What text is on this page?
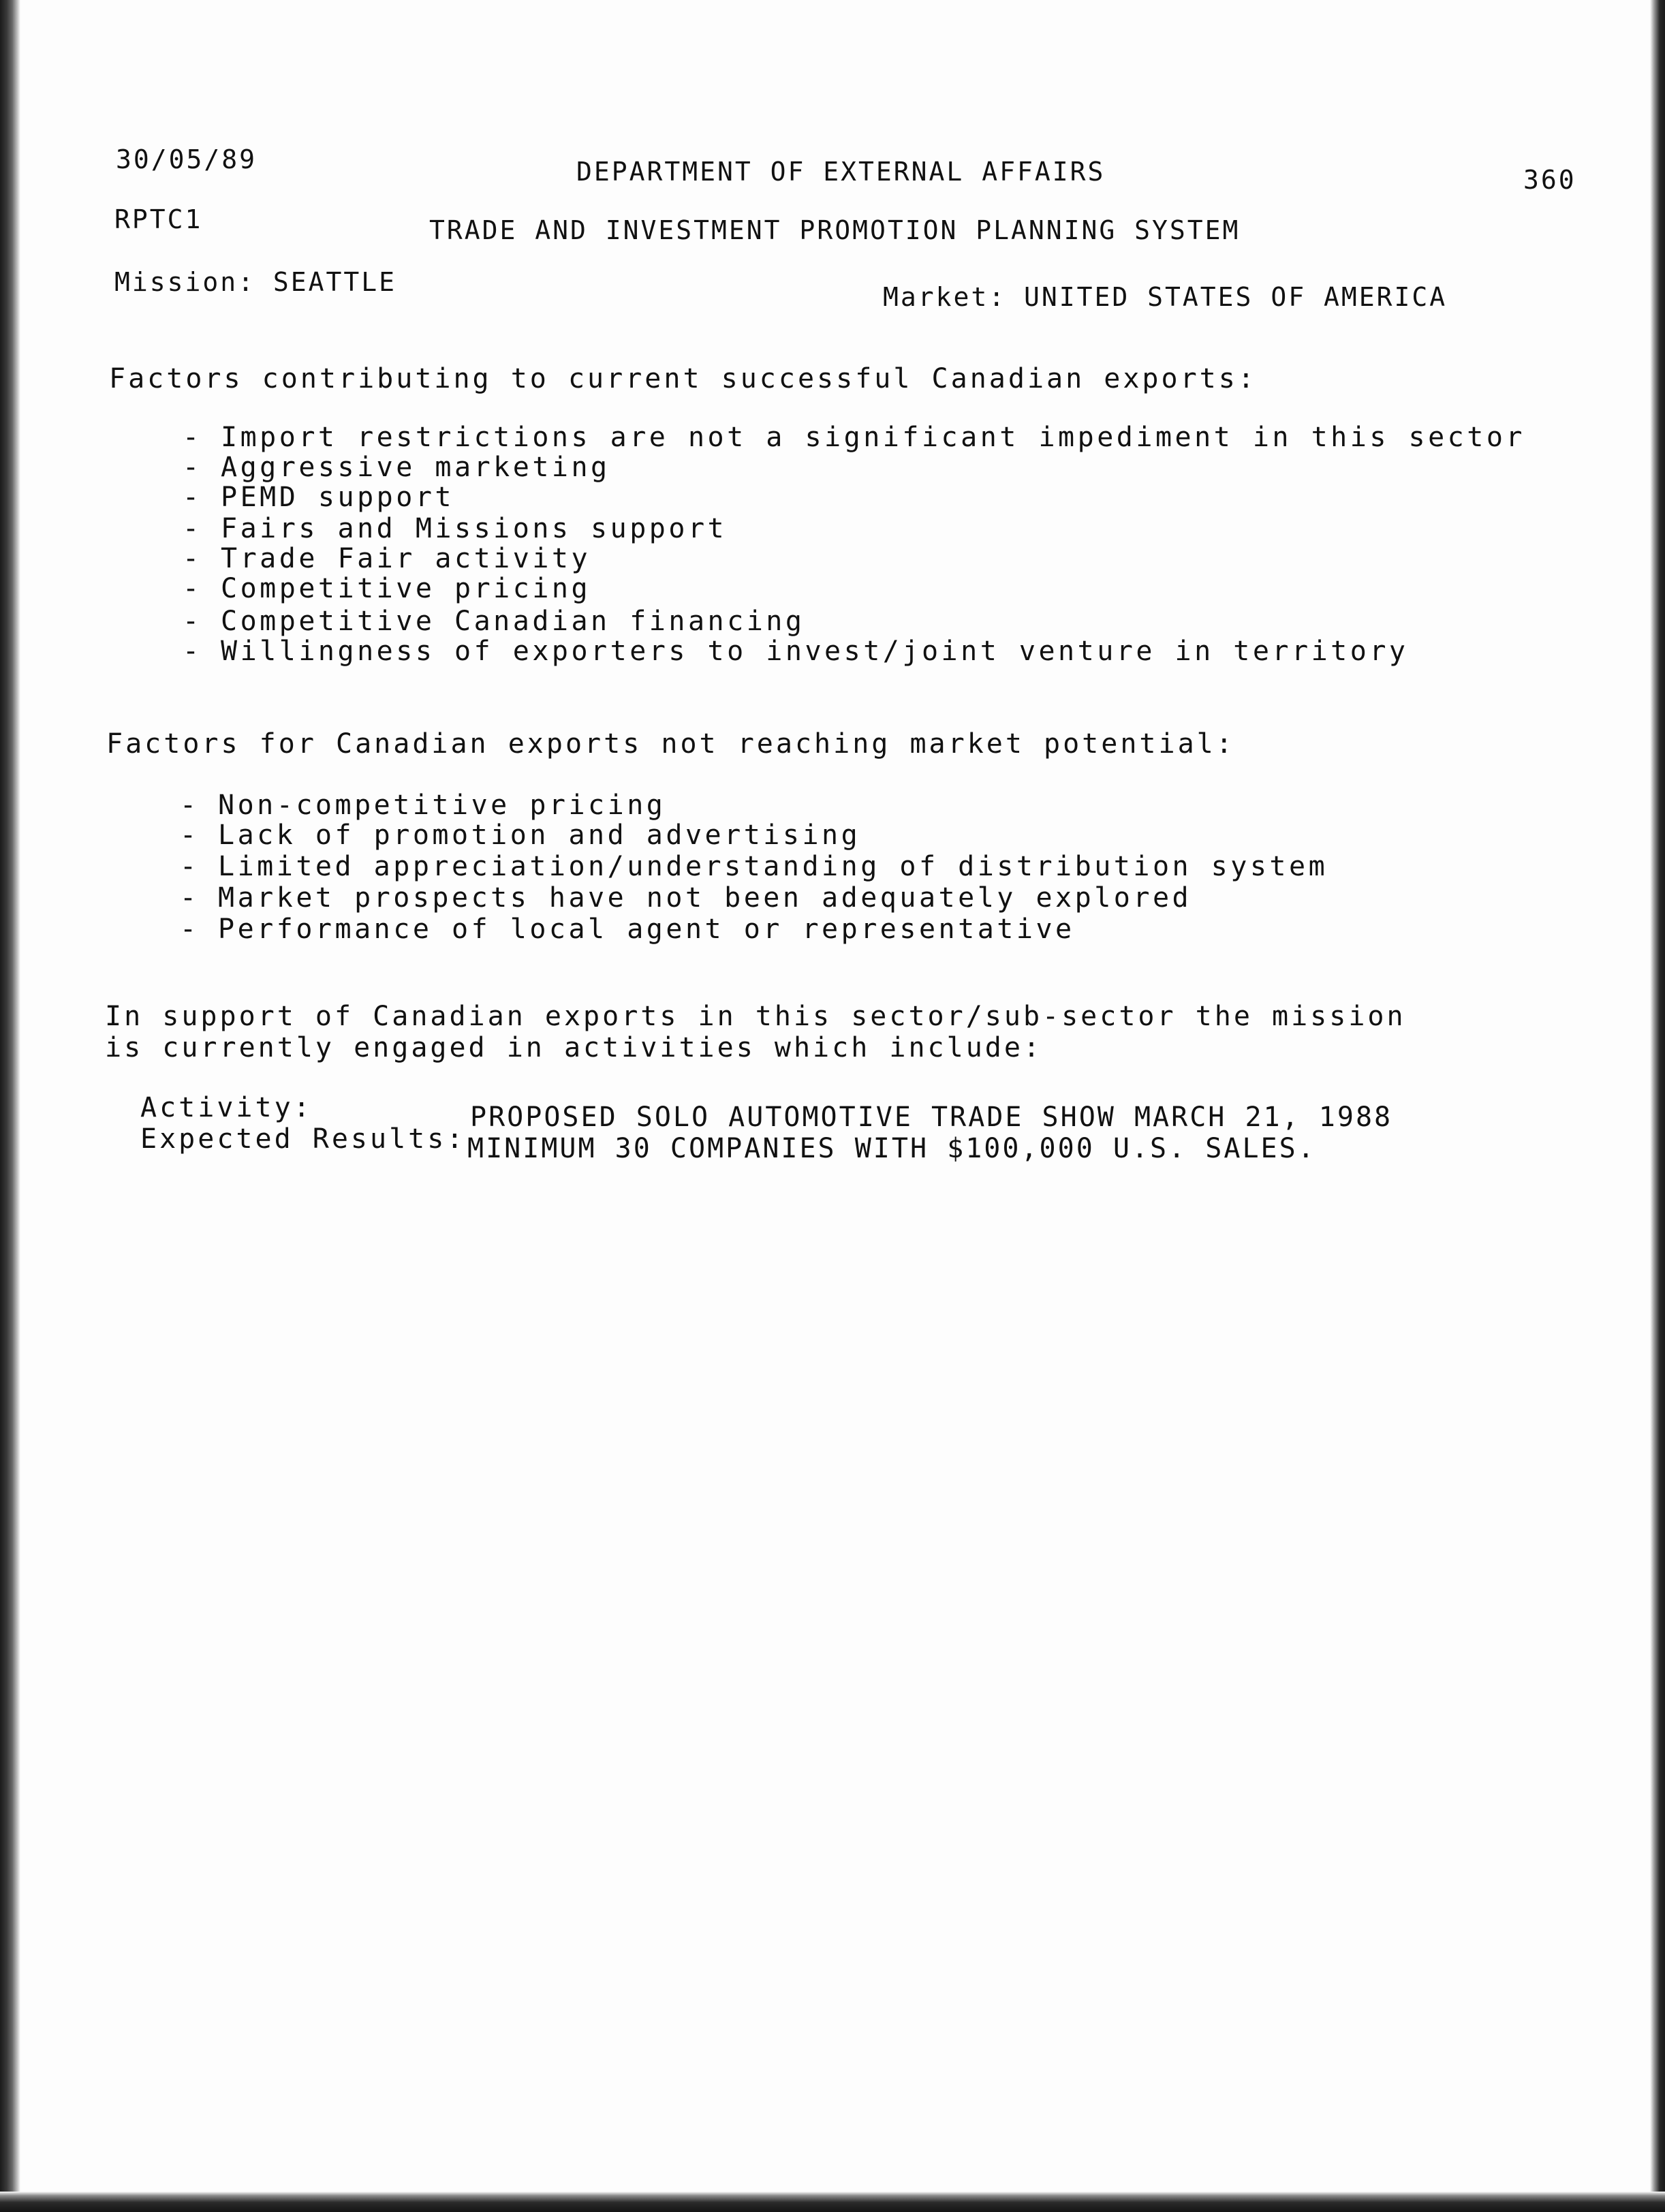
30/05/89	DEPARTMENT OF EXTERNAL AFFAIRS	360
RPTC1	TRADE AND INVESTMENT PROMOTION PLANNING SYSTEM
Mission: SEATTLE	Market: UNITED STATES OF AMERICA
Factors contributing to current successful Canadian exports:
- Import restrictions are not a significant impediment in this sector
- Aggressive marketing
- PEMD support
- Fairs and Missions support
- Trade Fair activity
- Competitive pricing
- Competitive Canadian financing
- Willingness of exporters to invest/joint venture in territory
Factors for Canadian exports not reaching market potential:
- Non-competitive pricing
- Lack of promotion and advertising
- Limited appreciation/understanding of distribution system
- Market prospects have not been adequately explored
- Performance of local agent or representative
In support of Canadian exports in this sector/sub-sector the mission
is currently engaged in activities which include:
Activity:	PROPOSED SOLO AUTOMOTIVE TRADE SHOW MARCH 21, 1988
Expected Results: MINIMUM 30 COMPANIES WITH $100,000 U.S. SALES.
